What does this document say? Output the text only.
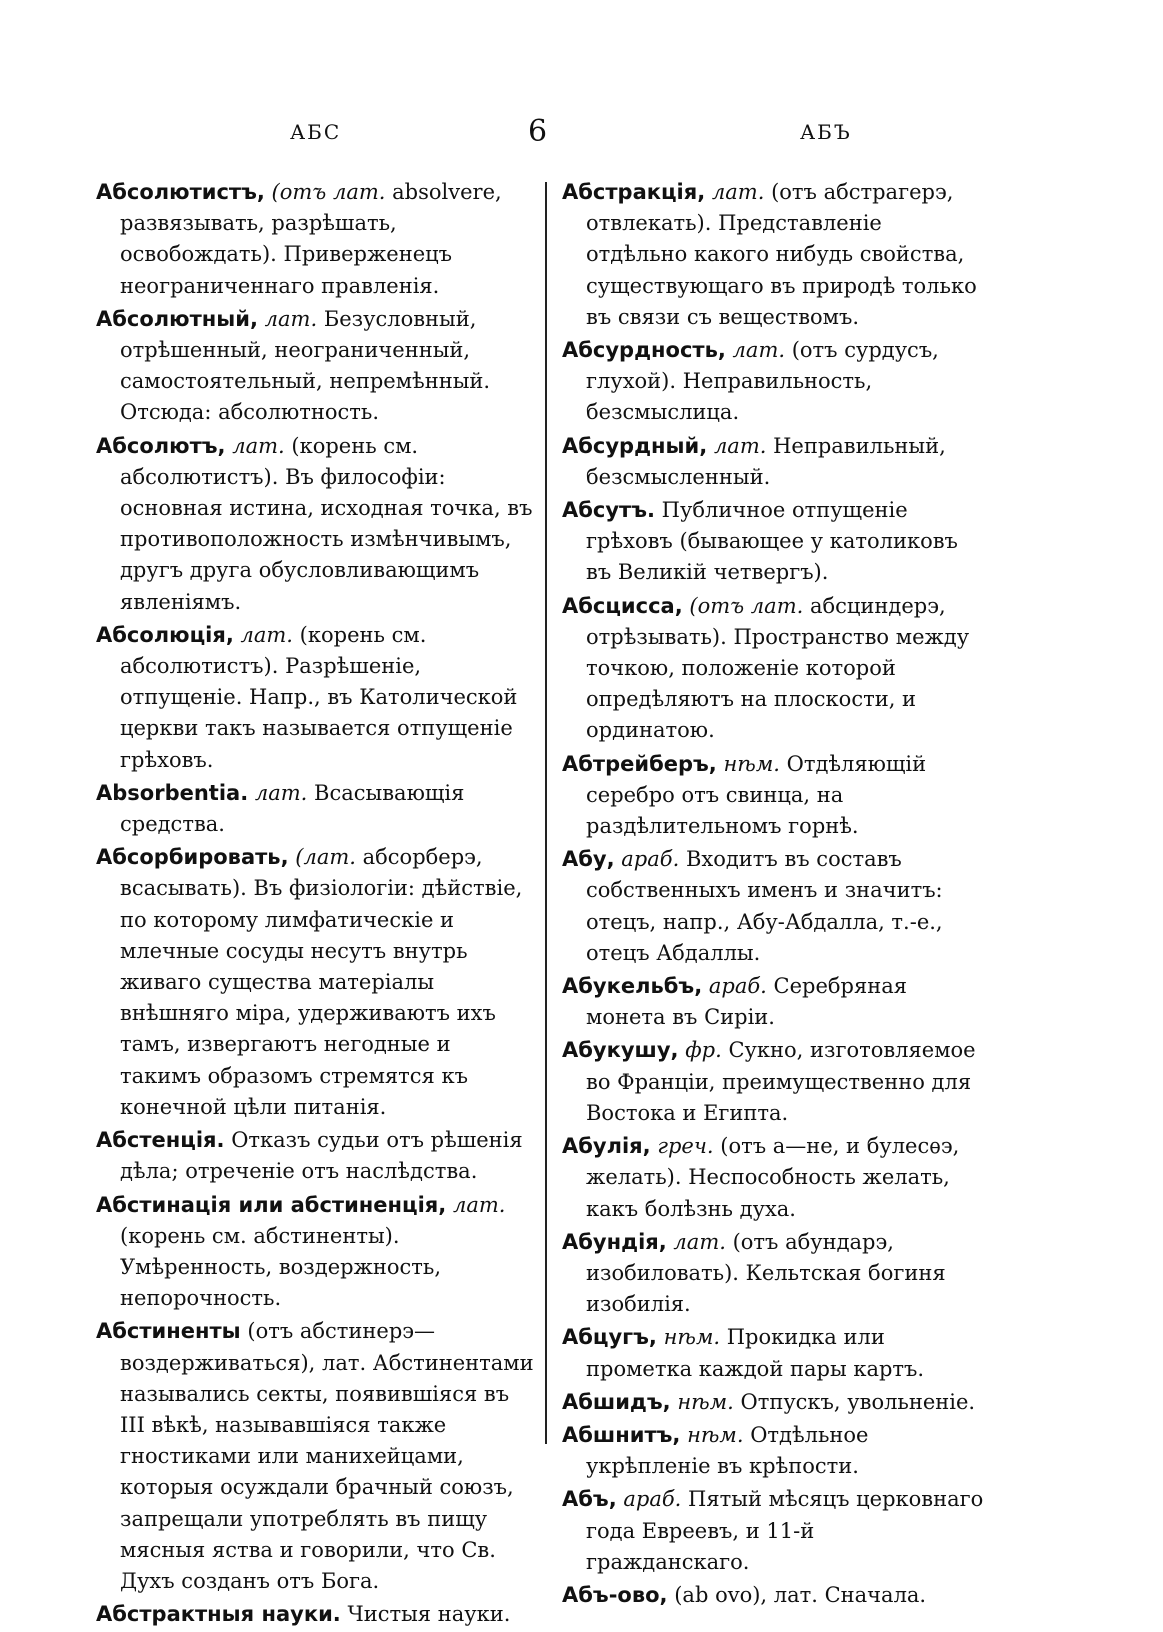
АБС	6	АБЪ
Абсолютистъ, (отъ лат. absolvere, развязывать, разрѣшать, освобождать). Приверженецъ неограниченнаго правленія.
Абсолютный, лат. Безусловный, отрѣшенный, неограниченный, самостоятельный, непремѣнный. Отсюда: абсолютность.
Абсолютъ, лат. (корень см. абсолютистъ). Въ философіи: основная истина, исходная точка, въ противоположность измѣнчивымъ, другъ друга обусловливающимъ явленіямъ.
Абсолюція, лат. (корень см. абсолютистъ). Разрѣшеніе, отпущеніе. Напр., въ Католической церкви такъ называется отпущеніе грѣховъ.
Absorbentia. лат. Всасывающія средства.
Абсорбировать, (лат. абсорберэ, всасывать). Въ физіологіи: дѣйствіе, по которому лимфатическіе и млечные сосуды несутъ внутрь живаго существа матеріалы внѣшняго міра, удерживаютъ ихъ тамъ, извергаютъ негодные и такимъ образомъ стремятся къ конечной цѣли питанія.
Абстенція. Отказъ судьи отъ рѣшенія дѣла; отреченіе отъ наслѣдства.
Абстинація или абстиненція, лат. (корень см. абстиненты). Умѣренность, воздержность, непорочность.
Абстиненты (отъ абстинерэ—воздерживаться), лат. Абстинентами назывались секты, появившіяся въ III вѣкѣ, называвшіяся также гностиками или манихейцами, которыя осуждали брачный союзъ, запрещали употреблять въ пищу мясныя яства и говорили, что Св. Духъ созданъ отъ Бога.
Абстрактныя науки. Чистыя науки.
Абстракція, лат. (отъ абстрагерэ, отвлекать). Представленіе отдѣльно какого нибудь свойства, существующаго въ природѣ только въ связи съ веществомъ.
Абсурдность, лат. (отъ сурдусъ, глухой). Неправильность, безсмыслица.
Абсурдный, лат. Неправильный, безсмысленный.
Абсутъ. Публичное отпущеніе грѣховъ (бывающее у католиковъ въ Великій четвергъ).
Абсцисса, (отъ лат. абсциндерэ, отрѣзывать). Пространство между точкою, положеніе которой опредѣляютъ на плоскости, и ординатою.
Абтрейберъ, нѣм. Отдѣляющій серебро отъ свинца, на раздѣлительномъ горнѣ.
Абу, араб. Входитъ въ составъ собственныхъ именъ и значитъ: отецъ, напр., Абу-Абдалла, т.-е., отецъ Абдаллы.
Абукельбъ, араб. Серебряная монета въ Сиріи.
Абукушу, фр. Сукно, изготовляемое во Франціи, преимущественно для Востока и Египта.
Абулія, греч. (отъ а—не, и булесѳэ, желать). Неспособность желать, какъ болѣзнь духа.
Абундія, лат. (отъ абундарэ, изобиловать). Кельтская богиня изобилія.
Абцугъ, нѣм. Прокидка или прометка каждой пары картъ.
Абшидъ, нѣм. Отпускъ, увольненіе.
Абшнитъ, нѣм. Отдѣльное укрѣпленіе въ крѣпости.
Абъ, араб. Пятый мѣсяцъ церковнаго года Евреевъ, и 11-й гражданскаго.
Абъ-ово, (ab ovo), лат. Сначала.
